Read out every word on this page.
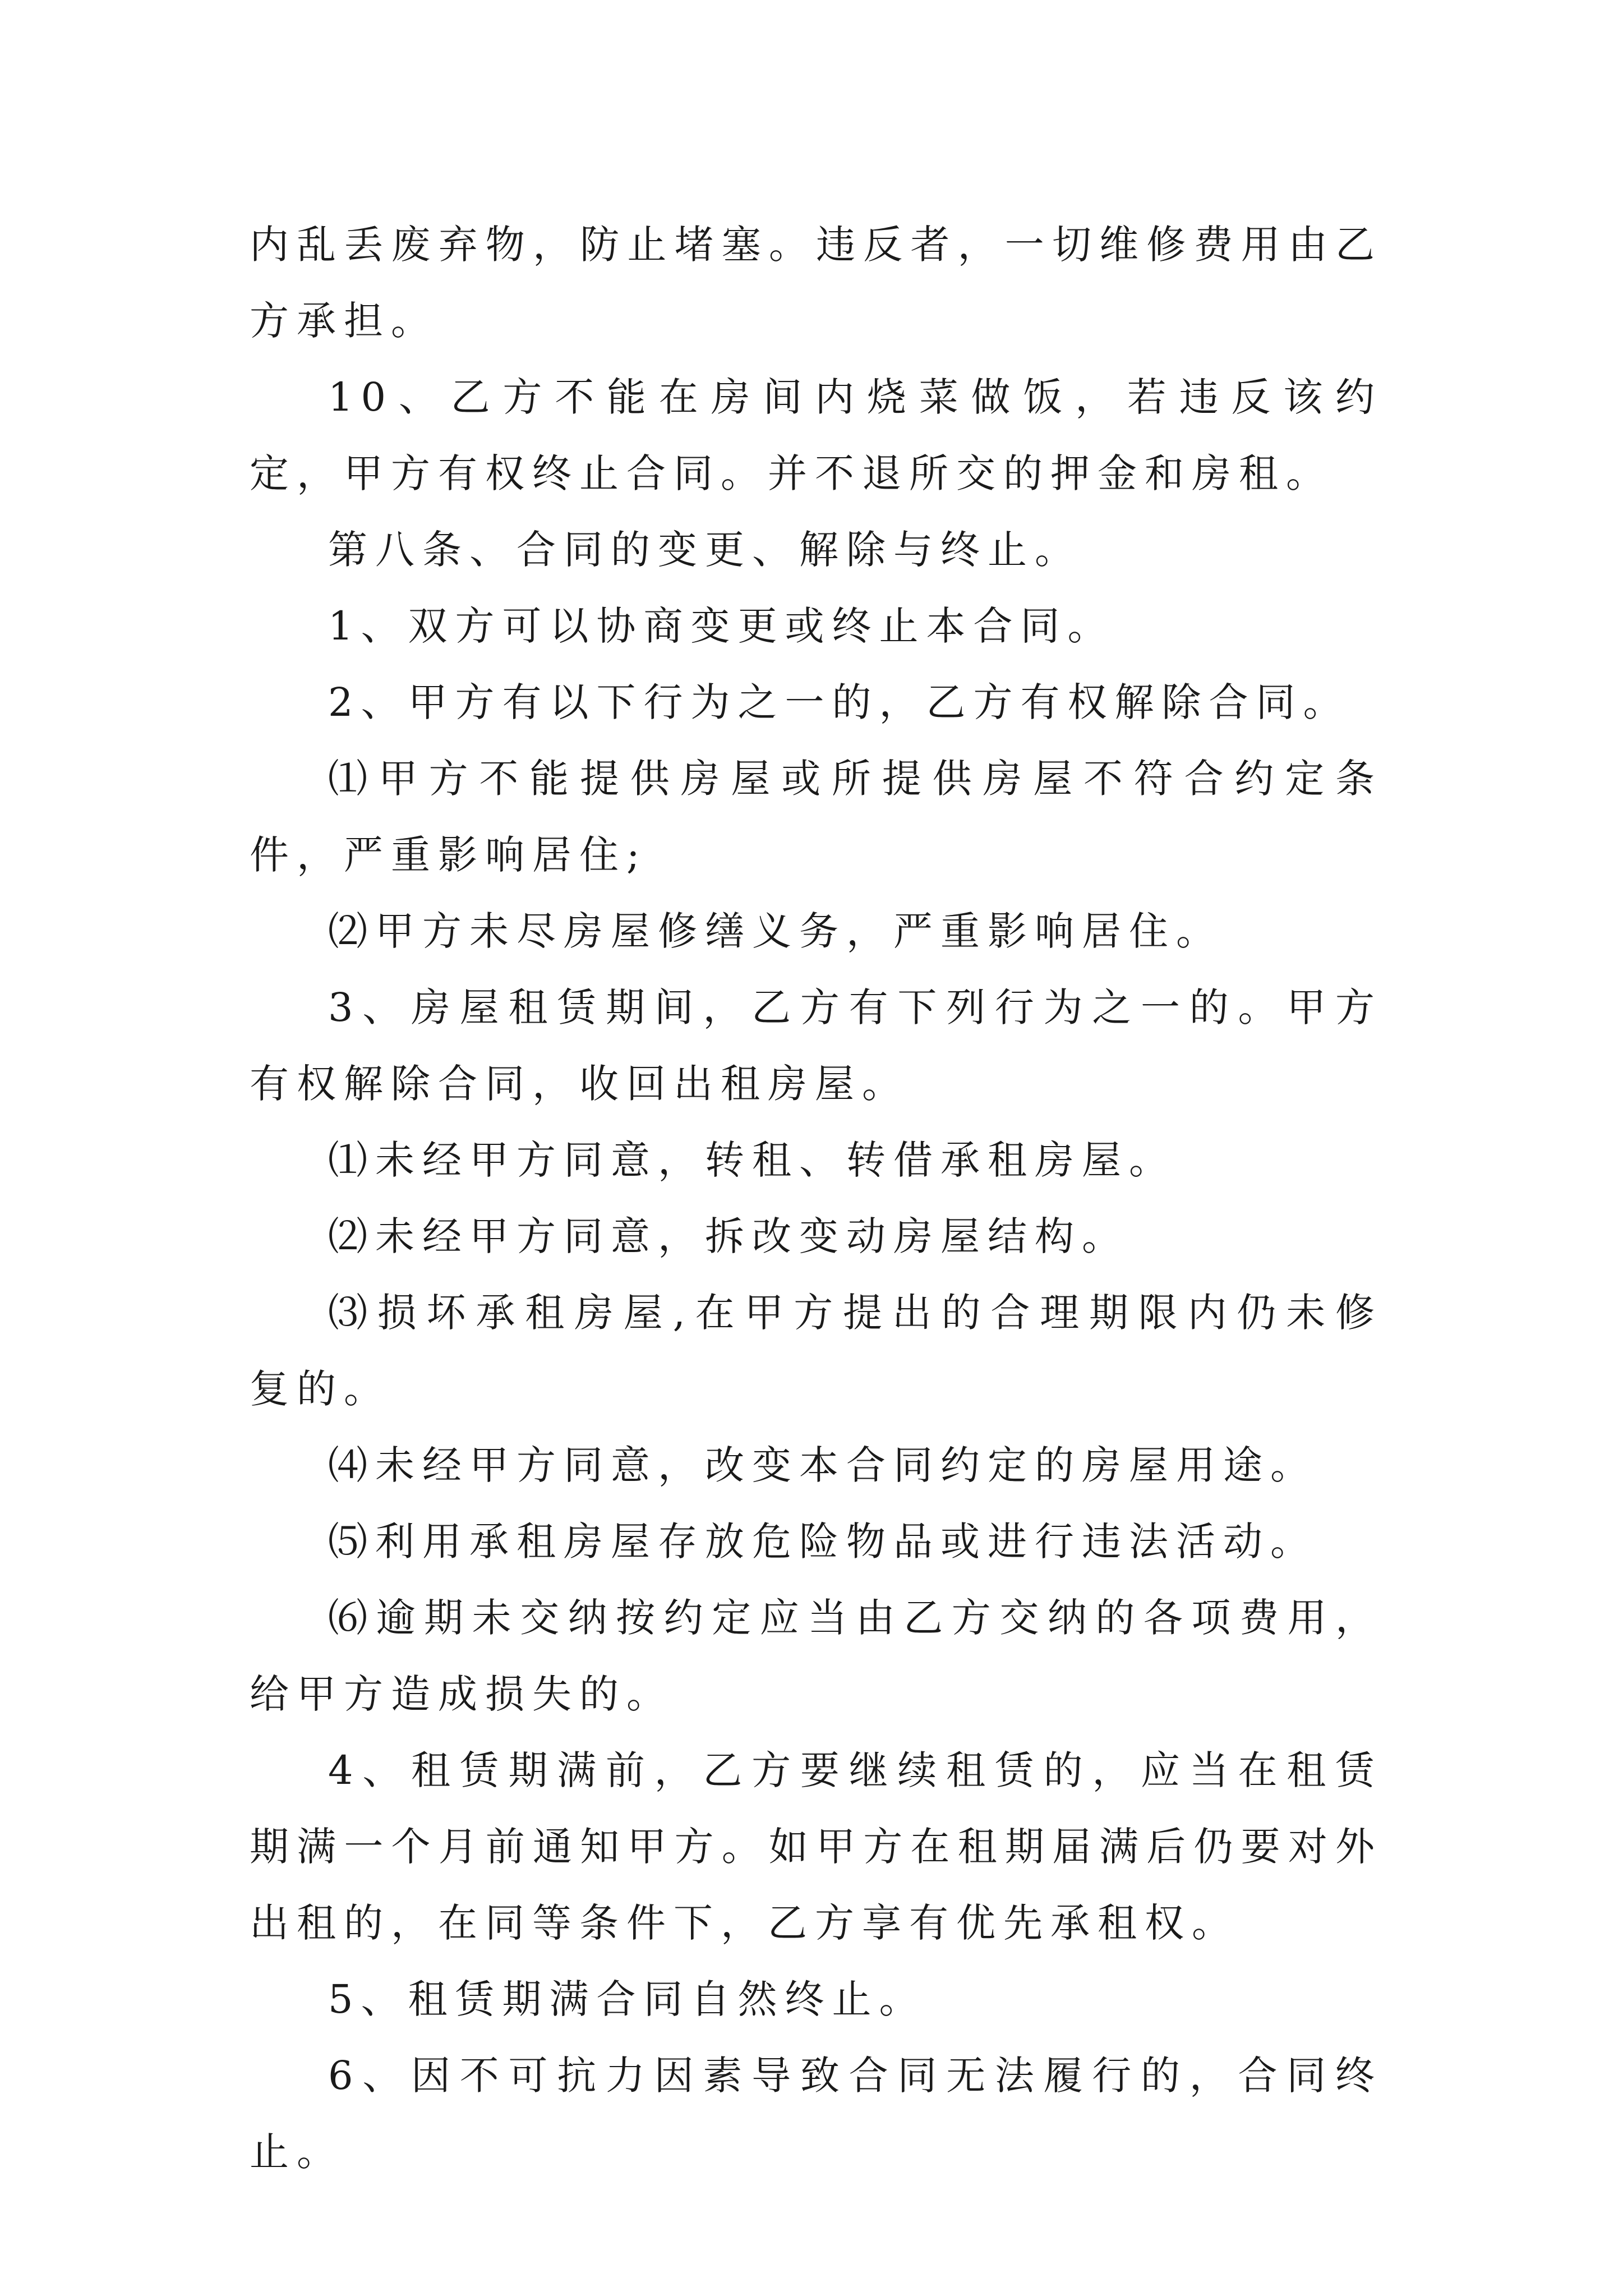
内乱丢废弃物，防止堵塞。违反者，一切维修费用由乙方承担。

10、乙方不能在房间内烧菜做饭，若违反该约定，甲方有权终止合同。并不退所交的押金和房租。

第八条、合同的变更、解除与终止。

1、双方可以协商变更或终止本合同。

2、甲方有以下行为之一的，乙方有权解除合同。

⑴甲方不能提供房屋或所提供房屋不符合约定条件，严重影响居住;

⑵甲方未尽房屋修缮义务，严重影响居住。

3、房屋租赁期间，乙方有下列行为之一的。甲方有权解除合同，收回出租房屋。

⑴未经甲方同意，转租、转借承租房屋。

⑵未经甲方同意，拆改变动房屋结构。

⑶损坏承租房屋,在甲方提出的合理期限内仍未修复的。

⑷未经甲方同意，改变本合同约定的房屋用途。

⑸利用承租房屋存放危险物品或进行违法活动。

⑹逾期未交纳按约定应当由乙方交纳的各项费用，给甲方造成损失的。

4、租赁期满前，乙方要继续租赁的，应当在租赁期满一个月前通知甲方。如甲方在租期届满后仍要对外出租的，在同等条件下，乙方享有优先承租权。

5、租赁期满合同自然终止。

6、因不可抗力因素导致合同无法履行的，合同终止。
